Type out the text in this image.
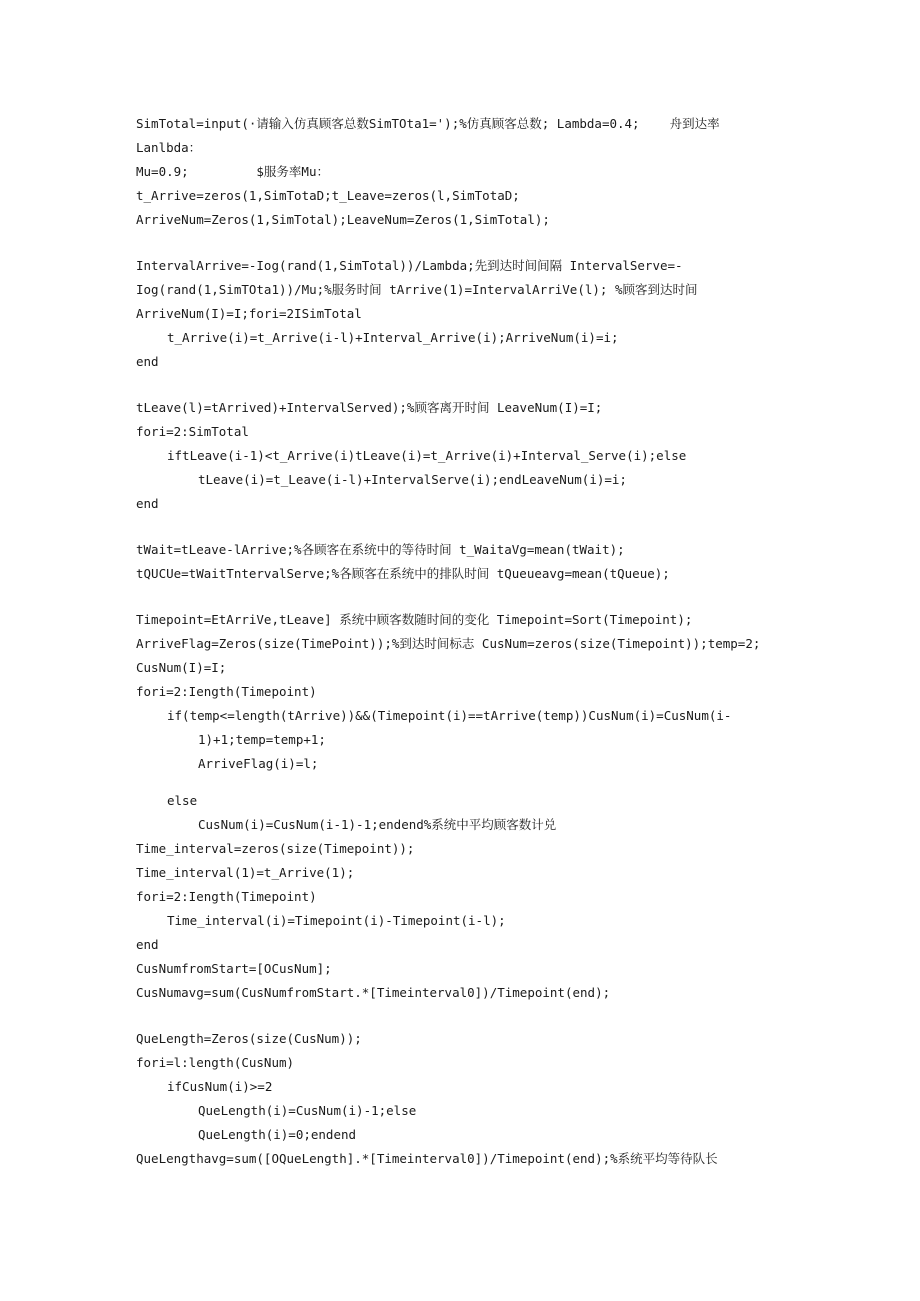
SimTotal=input(·请输入仿真顾客总数SimTOta1=');%仿真顾客总数; Lambda=0.4;    舟到达率
Lanlbda：
Mu=0.9;         $服务率Mu：
t_Arrive=zeros(1,SimTotaD;t_Leave=zeros(l,SimTotaD;
ArriveNum=Zeros(1,SimTotal);LeaveNum=Zeros(1,SimTotal);
IntervalArrive=-Iog(rand(1,SimTotal))/Lambda;先到达时间间隔 IntervalServe=-
Iog(rand(1,SimTOta1))/Mu;%服务时间 tArrive(1)=IntervalArriVe(l); %顾客到达时间
ArriveNum(I)=I;fori=2ISimTotal
t_Arrive(i)=t_Arrive(i-l)+Interval_Arrive(i);ArriveNum(i)=i;
end
tLeave(l)=tArrived)+IntervalServed);%顾客离开时间 LeaveNum(I)=I;
fori=2:SimTotal
iftLeave(i-1)<t_Arrive(i)tLeave(i)=t_Arrive(i)+Interval_Serve(i);else
tLeave(i)=t_Leave(i-l)+IntervalServe(i);endLeaveNum(i)=i;
end
tWait=tLeave-lArrive;%各顾客在系统中的等待时间 t_WaitaVg=mean(tWait);
tQUCUe=tWaitTntervalServe;%各顾客在系统中的排队时间 tQueueavg=mean(tQueue);
Timepoint=EtArriVe,tLeave] 系统中顾客数随时间的变化 Timepoint=Sort(Timepoint);
ArriveFlag=Zeros(size(TimePoint));%到达时间标志 CusNum=zeros(size(Timepoint));temp=2;
CusNum(I)=I;
fori=2:Iength(Timepoint)
if(temp<=length(tArrive))&&(Timepoint(i)==tArrive(temp))CusNum(i)=CusNum(i-
1)+1;temp=temp+1;
ArriveFlag(i)=l;
else
CusNum(i)=CusNum(i-1)-1;endend%系统中平均顾客数计兑
Time_interval=zeros(size(Timepoint));
Time_interval(1)=t_Arrive(1);
fori=2:Iength(Timepoint)
Time_interval(i)=Timepoint(i)-Timepoint(i-l);
end
CusNumfromStart=[OCusNum];
CusNumavg=sum(CusNumfromStart.*[Timeinterval0])/Timepoint(end);
QueLength=Zeros(size(CusNum));
fori=l:length(CusNum)
ifCusNum(i)>=2
QueLength(i)=CusNum(i)-1;else
QueLength(i)=0;endend
QueLengthavg=sum([OQueLength].*[Timeinterval0])/Timepoint(end);%系统平均等待队长
